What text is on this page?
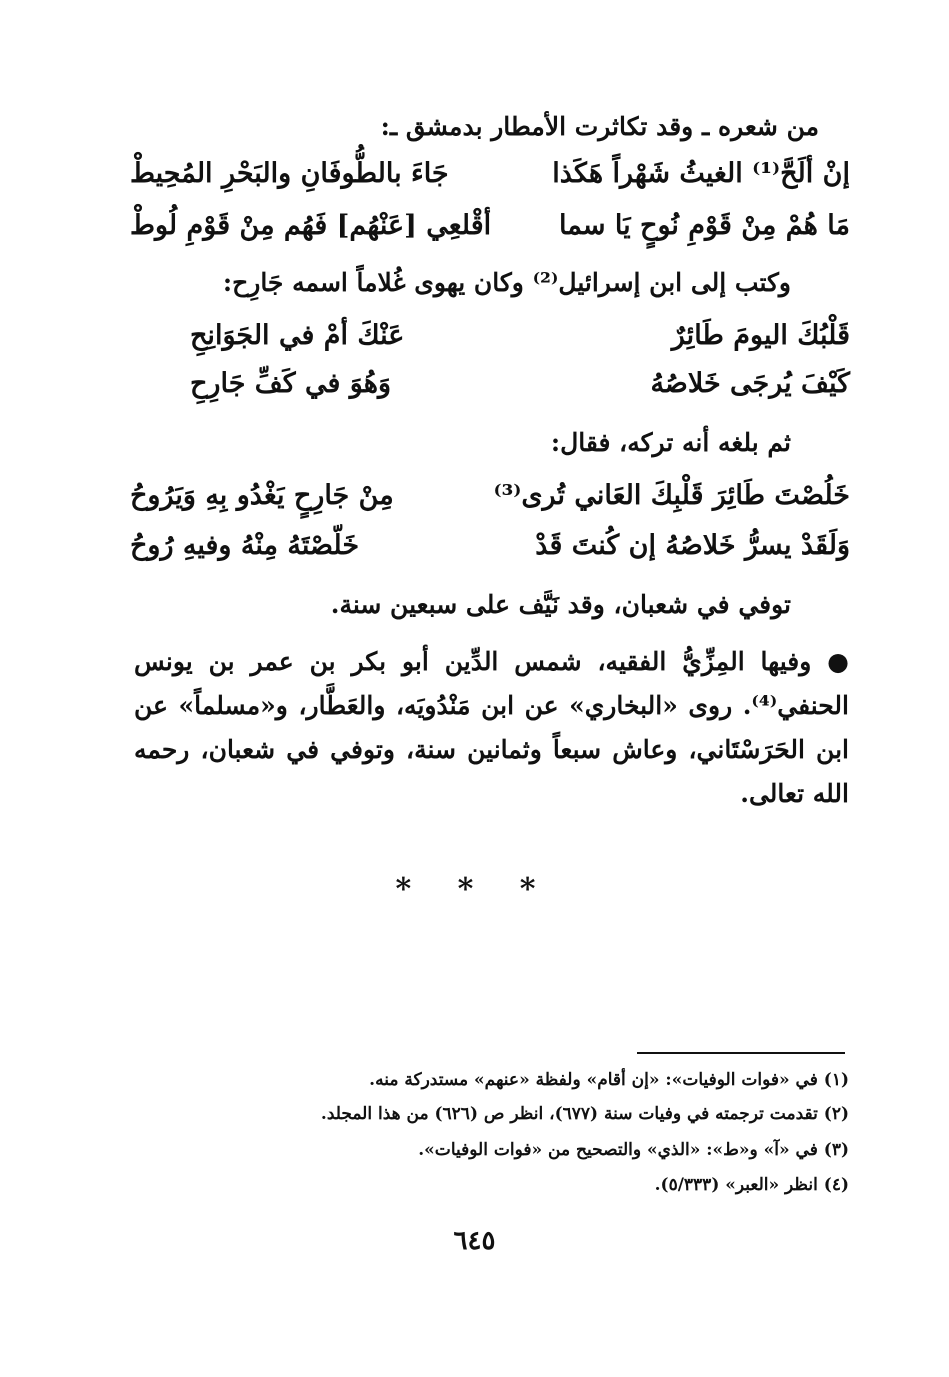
من شعره ـ وقد تكاثرت الأمطار بدمشق ـ:
إنْ ألَحَّ⁽¹⁾ الغيثُ شَهْراً هَكَذا
جَاءَ بالطُّوفَانِ والبَحْرِ المُحِيطْ
مَا هُمْ مِنْ قَوْمِ نُوحٍ يَا سما
أقْلعِي [عَنْهُم] فَهُم مِنْ قَوْمِ لُوطْ
وكتب إلى ابن إسرائيل⁽²⁾ وكان يهوى غُلاماً اسمه جَارِح:
قَلْبُكَ اليومَ طَائِرٌ
عَنْكَ أمْ في الجَوَانِحِ
كَيْفَ يُرجَى خَلاصُهُ
وَهُوَ في كَفِّ جَارِحِ
ثم بلغه أنه تركه، فقال:
خَلُصْتَ طَائِرَ قَلْبِكَ العَاني تُرى⁽³⁾
مِنْ جَارِحٍ يَغْدُو بِهِ وَيَرُوحُ
وَلَقَدْ يسرُّ خَلاصُهُ إن كُنتَ قَدْ
خَلّصْتَهُ مِنْهُ وفيهِ رُوحُ
توفي في شعبان، وقد نَيَّف على سبعين سنة.
● وفيها المِزِّيُّ الفقيه، شمس الدِّين أبو بكر بن عمر بن يونس الحنفي⁽⁴⁾. روى «البخاري» عن ابن مَنْدُويَه، والعَطَّار، و«مسلماً» عن ابن الحَرَسْتَاني، وعاش سبعاً وثمانين سنة، وتوفي في شعبان، رحمه الله تعالى.
* * *
(١) في «فوات الوفيات»: «إن أقام» ولفظة «عنهم» مستدركة منه.
(٢) تقدمت ترجمته في وفيات سنة (٦٧٧)، انظر ص (٦٢٦) من هذا المجلد.
(٣) في «آ» و«ط»: «الذي» والتصحيح من «فوات الوفيات».
(٤) انظر «العبر» (٥/٣٣٣).
٦٤٥
